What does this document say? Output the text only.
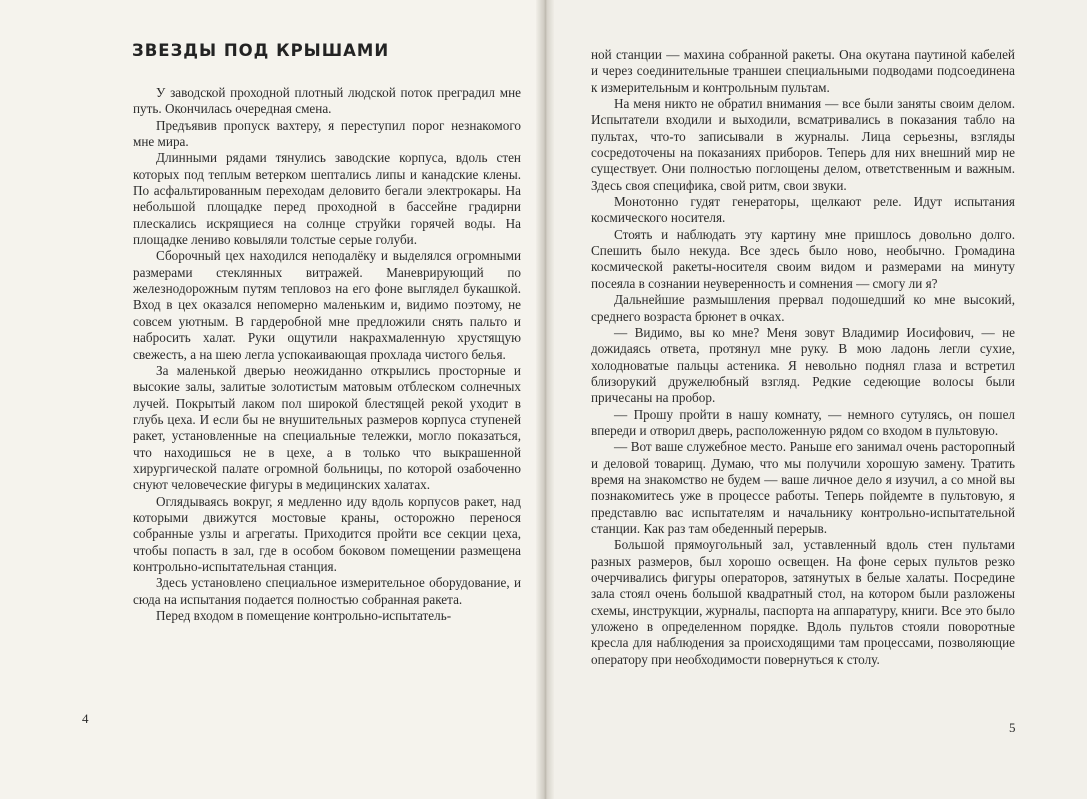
ЗВЕЗДЫ ПОД КРЫШАМИ

У заводской проходной плотный людской поток преградил мне путь. Окончилась очередная смена.

Предъявив пропуск вахтеру, я переступил порог незнакомого мне мира.

Длинными рядами тянулись заводские корпуса, вдоль стен которых под теплым ветерком шептались липы и канадские клены. По асфальтированным переходам деловито бегали электрокары. На небольшой площадке перед проходной в бассейне градирни плескались искрящиеся на солнце струйки горячей воды. На площадке лениво ковыляли толстые серые голуби.

Сборочный цех находился неподалёку и выделялся огромными размерами стеклянных витражей. Маневрирующий по железнодорожным путям тепловоз на его фоне выглядел букашкой. Вход в цех оказался непомерно маленьким и, видимо поэтому, не совсем уютным. В гардеробной мне предложили снять пальто и набросить халат. Руки ощутили накрахмаленную хрустящую свежесть, а на шею легла успокаивающая прохлада чистого белья.

За маленькой дверью неожиданно открылись просторные и высокие залы, залитые золотистым матовым отблеском солнечных лучей. Покрытый лаком пол широкой блестящей рекой уходит в глубь цеха. И если бы не внушительных размеров корпуса ступеней ракет, установленные на специальные тележки, могло показаться, что находишься не в цехе, а в только что выкрашенной хирургической палате огромной больницы, по которой озабоченно снуют человеческие фигуры в медицинских халатах.

Оглядываясь вокруг, я медленно иду вдоль корпусов ракет, над которыми движутся мостовые краны, осторожно перенося собранные узлы и агрегаты. Приходится пройти все секции цеха, чтобы попасть в зал, где в особом боковом помещении размещена контрольно-испытательная станция.

Здесь установлено специальное измерительное оборудование, и сюда на испытания подается полностью собранная ракета.

Перед входом в помещение контрольно-испытатель-

4

ной станции — махина собранной ракеты. Она окутана паутиной кабелей и через соединительные траншеи специальными подводами подсоединена к измерительным и контрольным пультам.

На меня никто не обратил внимания — все были заняты своим делом. Испытатели входили и выходили, всматривались в показания табло на пультах, что-то записывали в журналы. Лица серьезны, взгляды сосредоточены на показаниях приборов. Теперь для них внешний мир не существует. Они полностью поглощены делом, ответственным и важным. Здесь своя специфика, свой ритм, свои звуки.

Монотонно гудят генераторы, щелкают реле. Идут испытания космического носителя.

Стоять и наблюдать эту картину мне пришлось довольно долго. Спешить было некуда. Все здесь было ново, необычно. Громадина космической ракеты-носителя своим видом и размерами на минуту посеяла в сознании неуверенность и сомнения — смогу ли я?

Дальнейшие размышления прервал подошедший ко мне высокий, среднего возраста брюнет в очках.

— Видимо, вы ко мне? Меня зовут Владимир Иосифович, — не дожидаясь ответа, протянул мне руку. В мою ладонь легли сухие, холодноватые пальцы астеника. Я невольно поднял глаза и встретил близорукий дружелюбный взгляд. Редкие седеющие волосы были причесаны на пробор.

— Прошу пройти в нашу комнату, — немного сутулясь, он пошел впереди и отворил дверь, расположенную рядом со входом в пультовую.

— Вот ваше служебное место. Раньше его занимал очень расторопный и деловой товарищ. Думаю, что мы получили хорошую замену. Тратить время на знакомство не будем — ваше личное дело я изучил, а со мной вы познакомитесь уже в процессе работы. Теперь пойдемте в пультовую, я представлю вас испытателям и начальнику контрольно-испытательной станции. Как раз там обеденный перерыв.

Большой прямоугольный зал, уставленный вдоль стен пультами разных размеров, был хорошо освещен. На фоне серых пультов резко очерчивались фигуры операторов, затянутых в белые халаты. Посредине зала стоял очень большой квадратный стол, на котором были разложены схемы, инструкции, журналы, паспорта на аппаратуру, книги. Все это было уложено в определенном порядке. Вдоль пультов стояли поворотные кресла для наблюдения за происходящими там процессами, позволяющие оператору при необходимости повернуться к столу.

5
